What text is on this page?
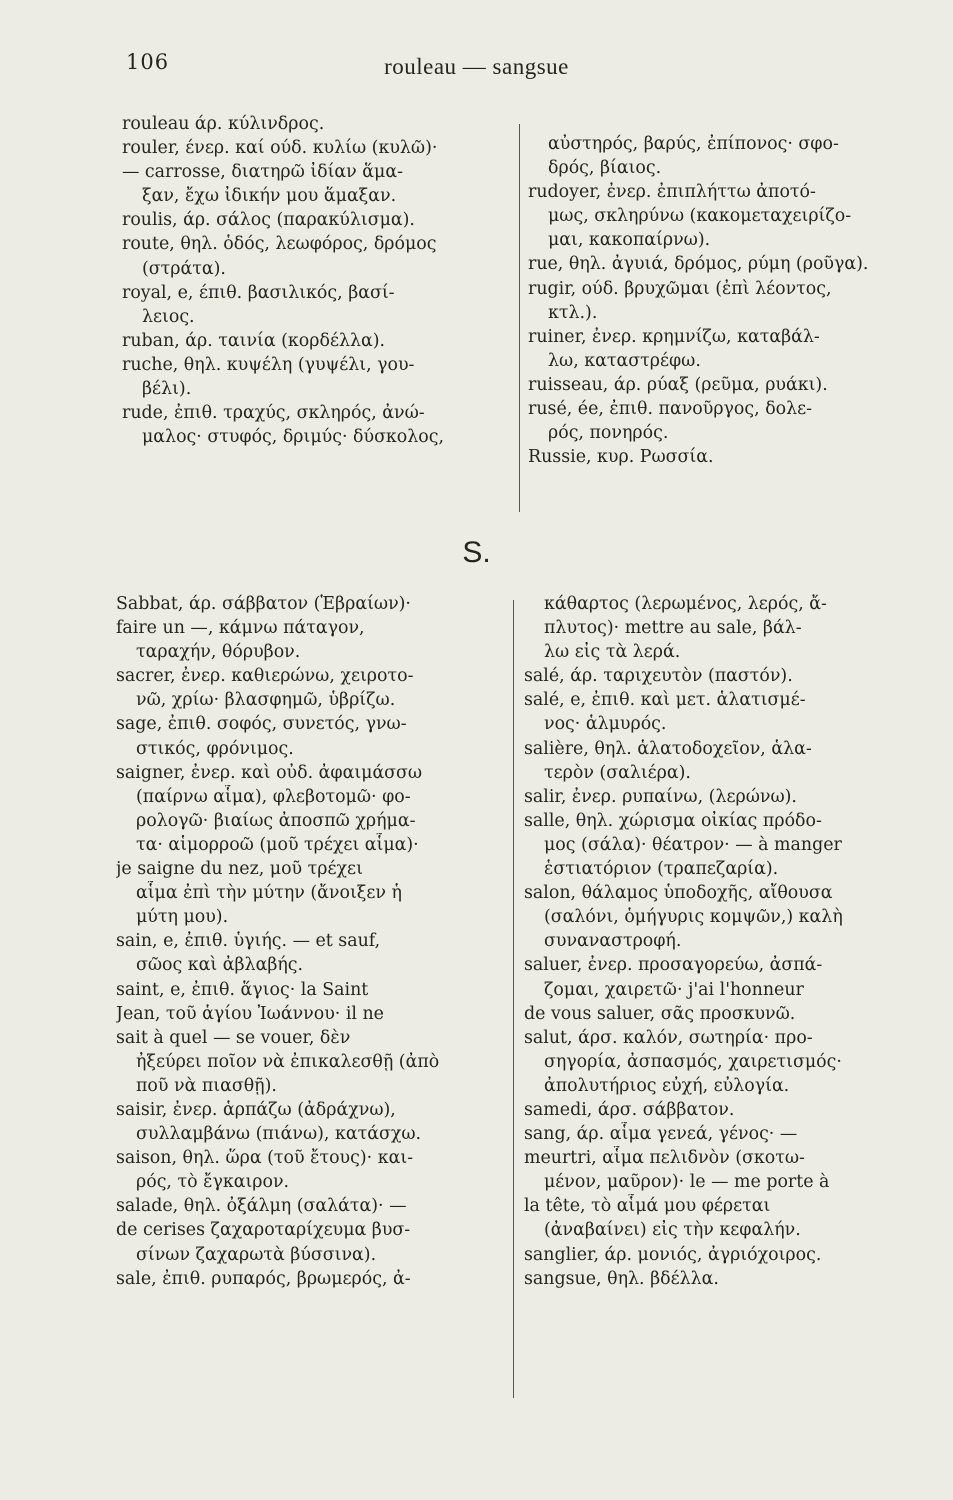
106	rouleau — sangsue
rouleau άρ. κύλινδρος.
rouler, ένερ. καί ούδ. κυλίω (κυλῶ)·
— carrosse, διατηρῶ ἰδίαν ἅμα-
ξαν, ἔχω ἰδικήν μου ἅμαξαν.
roulis, άρ. σάλος (παρακύλισμα).
route, θηλ. ὁδός, λεωφόρος, δρόμος
(στράτα).
royal, e, έπιθ. βασιλικός, βασί-
λειος.
ruban, άρ. ταινία (κορδέλλα).
ruche, θηλ. κυψέλη (γυψέλι, γου-
βέλι).
rude, ἐπιθ. τραχύς, σκληρός, ἀνώ-
μαλος· στυφός, δριμύς· δύσκολος,
αὐστηρός, βαρύς, ἐπίπονος· σφο-
δρός, βίαιος.
rudoyer, ἐνερ. ἐπιπλήττω ἀποτό-
μως, σκληρύνω (κακομεταχειρίζο-
μαι, κακοπαίρνω).
rue, θηλ. ἀγυιά, δρόμος, ρύμη (ροῦγα).
rugir, ούδ. βρυχῶμαι (ἐπὶ λέοντος,
κτλ.).
ruiner, ἐνερ. κρημνίζω, καταβάλ-
λω, καταστρέφω.
ruisseau, άρ. ρύαξ (ρεῦμα, ρυάκι).
rusé, ée, ἐπιθ. πανοῦργος, δολε-
ρός, πονηρός.
Russie, κυρ. Ρωσσία.
S.
Sabbat, άρ. σάββατον (Ἑβραίων)·
faire un —, κάμνω πάταγον,
ταραχήν, θόρυβον.
sacrer, ἐνερ. καθιερώνω, χειροτο-
νῶ, χρίω· βλασφημῶ, ὑβρίζω.
sage, ἐπιθ. σοφός, συνετός, γνω-
στικός, φρόνιμος.
saigner, ἐνερ. καὶ οὐδ. ἀφαιμάσσω
(παίρνω αἷμα), φλεβοτομῶ· φο-
ρολογῶ· βιαίως ἀποσπῶ χρήμα-
τα· αἱμορροῶ (μοῦ τρέχει αἷμα)·
je saigne du nez, μοῦ τρέχει
αἷμα ἐπὶ τὴν μύτην (ἄνοιξεν ἡ
μύτη μου).
sain, e, ἐπιθ. ὑγιής. — et sauf,
σῶος καὶ ἀβλαβής.
saint, e, ἐπιθ. ἅγιος· la Saint
Jean, τοῦ ἁγίου Ἰωάννου· il ne
sait à quel — se vouer, δὲν
ἠξεύρει ποῖον νὰ ἐπικαλεσθῇ (ἀπὸ
ποῦ νὰ πιασθῇ).
saisir, ἐνερ. ἁρπάζω (ἀδράχνω),
συλλαμβάνω (πιάνω), κατάσχω.
saison, θηλ. ὥρα (τοῦ ἔτους)· και-
ρός, τὸ ἔγκαιρον.
salade, θηλ. ὀξάλμη (σαλάτα)· —
de cerises ζαχαροταρίχευμα βυσ-
σίνων ζαχαρωτὰ βύσσινα).
sale, ἐπιθ. ρυπαρός, βρωμερός, ἀ-
κάθαρτος (λερωμένος, λερός, ἄ-
πλυτος)· mettre au sale, βάλ-
λω εἰς τὰ λερά.
salé, άρ. ταριχευτὸν (παστόν).
salé, e, ἐπιθ. καὶ μετ. ἁλατισμέ-
νος· ἁλμυρός.
salière, θηλ. ἁλατοδοχεῖον, ἁλα-
τερὸν (σαλιέρα).
salir, ἐνερ. ρυπαίνω, (λερώνω).
salle, θηλ. χώρισμα οἰκίας πρόδο-
μος (σάλα)· θέατρον· — à manger
ἑστιατόριον (τραπεζαρία).
salon, θάλαμος ὑποδοχῆς, αἴθουσα
(σαλόνι, ὁμήγυρις κομψῶν,) καλὴ
συναναστροφή.
saluer, ἐνερ. προσαγορεύω, ἀσπά-
ζομαι, χαιρετῶ· j'ai l'honneur
de vous saluer, σᾶς προσκυνῶ.
salut, άρσ. καλόν, σωτηρία· προ-
σηγορία, ἀσπασμός, χαιρετισμός·
ἀπολυτήριος εὐχή, εὐλογία.
samedi, άρσ. σάββατον.
sang, άρ. αἷμα γενεά, γένος· —
meurtri, αἷμα πελιδνὸν (σκοτω-
μένον, μαῦρον)· le — me porte à
la tête, τὸ αἷμά μου φέρεται
(ἀναβαίνει) εἰς τὴν κεφαλήν.
sanglier, άρ. μονιός, ἀγριόχοιρος.
sangsue, θηλ. βδέλλα.
